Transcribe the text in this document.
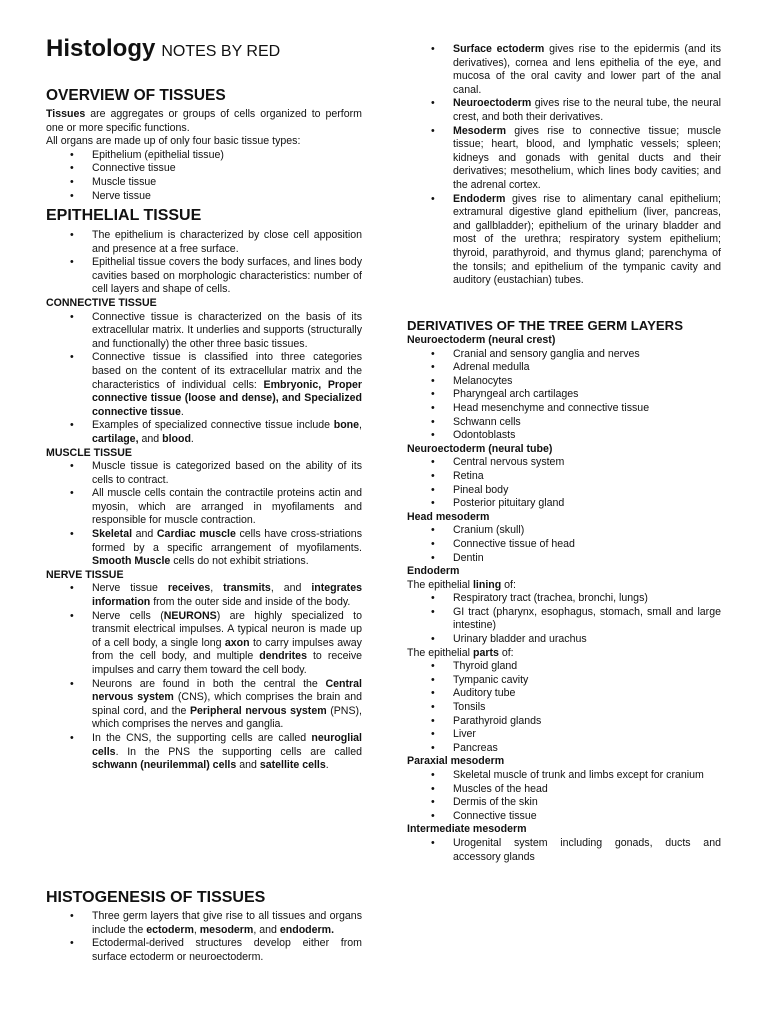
Histology NOTES BY RED
OVERVIEW OF TISSUES

Tissues are aggregates or groups of cells organized to perform one or more specific functions.

All organs are made up of only four basic tissue types:

• Epithelium (epithelial tissue)
• Connective tissue
• Muscle tissue
• Nerve tissue
EPITHELIAL TISSUE
• The epithelium is characterized by close cell apposition and presence at a free surface.
• Epithelial tissue covers the body surfaces, and lines body cavities based on morphologic characteristics: number of cell layers and shape of cells.
CONNECTIVE TISSUE
• Connective tissue is characterized on the basis of its extracellular matrix. It underlies and supports (structurally and functionally) the other three basic tissues.
• Connective tissue is classified into three categories based on the content of its extracellular matrix and the characteristics of individual cells: Embryonic, Proper connective tissue (loose and dense), and Specialized connective tissue.
• Examples of specialized connective tissue include bone, cartilage, and blood.
MUSCLE TISSUE
• Muscle tissue is categorized based on the ability of its cells to contract.
• All muscle cells contain the contractile proteins actin and myosin, which are arranged in myofilaments and responsible for muscle contraction.
• Skeletal and Cardiac muscle cells have cross-striations formed by a specific arrangement of myofilaments. Smooth Muscle cells do not exhibit striations.
NERVE TISSUE
• Nerve tissue receives, transmits, and integrates information from the outer side and inside of the body.
• Nerve cells (NEURONS) are highly specialized to transmit electrical impulses. A typical neuron is made up of a cell body, a single long axon to carry impulses away from the cell body, and multiple dendrites to receive impulses and carry them toward the cell body.
• Neurons are found in both the central the Central nervous system (CNS), which comprises the brain and spinal cord, and the Peripheral nervous system (PNS), which comprises the nerves and ganglia.
• In the CNS, the supporting cells are called neuroglial cells. In the PNS the supporting cells are called schwann (neurilemmal) cells and satellite cells.
HISTOGENESIS OF TISSUES
• Three germ layers that give rise to all tissues and organs include the ectoderm, mesoderm, and endoderm.
• Ectodermal-derived structures develop either from surface ectoderm or neuroectoderm.
• Surface ectoderm gives rise to the epidermis (and its derivatives), cornea and lens epithelia of the eye, and mucosa of the oral cavity and lower part of the anal canal.
• Neuroectoderm gives rise to the neural tube, the neural crest, and both their derivatives.
• Mesoderm gives rise to connective tissue; muscle tissue; heart, blood, and lymphatic vessels; spleen; kidneys and gonads with genital ducts and their derivatives; mesothelium, which lines body cavities; and the adrenal cortex.
• Endoderm gives rise to alimentary canal epithelium; extramural digestive gland epithelium (liver, pancreas, and gallbladder); epithelium of the urinary bladder and most of the urethra; respiratory system epithelium; thyroid, parathyroid, and thymus gland; parenchyma of the tonsils; and epithelium of the tympanic cavity and auditory (eustachian) tubes.
DERIVATIVES OF THE TREE GERM LAYERS
Neuroectoderm (neural crest)
• Cranial and sensory ganglia and nerves
• Adrenal medulla
• Melanocytes
• Pharyngeal arch cartilages
• Head mesenchyme and connective tissue
• Schwann cells
• Odontoblasts
Neuroectoderm (neural tube)
• Central nervous system
• Retina
• Pineal body
• Posterior pituitary gland
Head mesoderm
• Cranium (skull)
• Connective tissue of head
• Dentin
Endoderm

The epithelial lining of:

• Respiratory tract (trachea, bronchi, lungs)
• GI tract (pharynx, esophagus, stomach, small and large intestine)
• Urinary bladder and urachus

The epithelial parts of:

• Thyroid gland
• Tympanic cavity
• Auditory tube
• Tonsils
• Parathyroid glands
• Liver
• Pancreas
Paraxial mesoderm
• Skeletal muscle of trunk and limbs except for cranium
• Muscles of the head
• Dermis of the skin
• Connective tissue
Intermediate mesoderm
• Urogenital system including gonads, ducts and accessory glands
